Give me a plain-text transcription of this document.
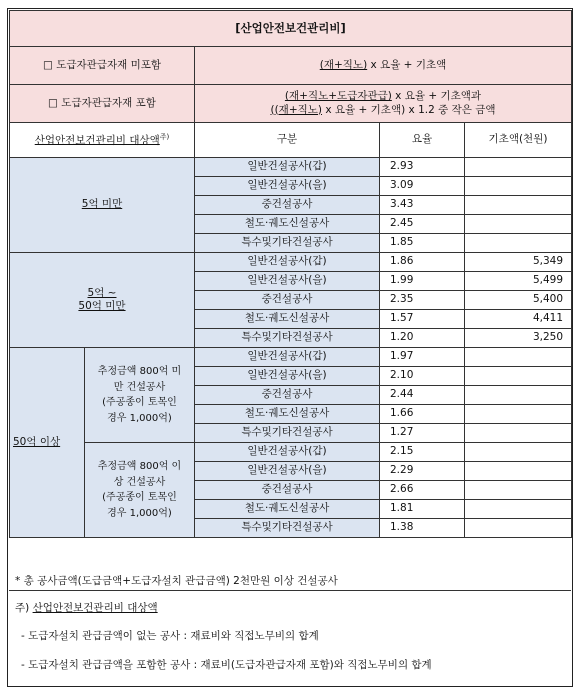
[산업안전보건관리비]				
□ 도급자관급자재 미포함		(재+직노) x 요율 + 기초액		
□ 도급자관급자재 포함		(재+직노+도급자관급) x 요율 + 기초액과
((재+직노) x 요율 + 기초액) x 1.2 중 작은 금액		

산업안전보건관리비 대상액$^{주)}$		구분	요율	기초액(천원)
5억 미만		일반건설공사(갑)	2.93	
		일반건설공사(을)	3.09	
		중건설공사	3.43	
		철도·궤도신설공사	2.45	
		특수및기타건설공사	1.85	
5억 ~
50억 미만		일반건설공사(갑)	1.86	5,349
		일반건설공사(을)	1.99	5,499
		중건설공사	2.35	5,400
		철도·궤도신설공사	1.57	4,411
		특수및기타건설공사	1.20	3,250
50억 이상	추정금액 800억 미
만 건설공사
(주공종이 토목인
경우 1,000억)	일반건설공사(갑)	1.97	
		일반건설공사(을)	2.10	
		중건설공사	2.44	
		철도·궤도신설공사	1.66	
		특수및기타건설공사	1.27	
	추정금액 800억 이
상 건설공사
(주공종이 토목인
경우 1,000억)	일반건설공사(갑)	2.15	
		일반건설공사(을)	2.29	
		중건설공사	2.66	
		철도·궤도신설공사	1.81	
		특수및기타건설공사	1.38	
* 총 공사금액(도급금액+도급자설치 관급금액) 2천만원 이상 건설공사
주) 산업안전보건관리비 대상액
- 도급자설치 관급금액이 없는 공사 : 재료비와 직접노무비의 합계
- 도급자설치 관급금액을 포함한 공사 : 재료비(도급자관급자재 포함)와 직접노무비의 합계
